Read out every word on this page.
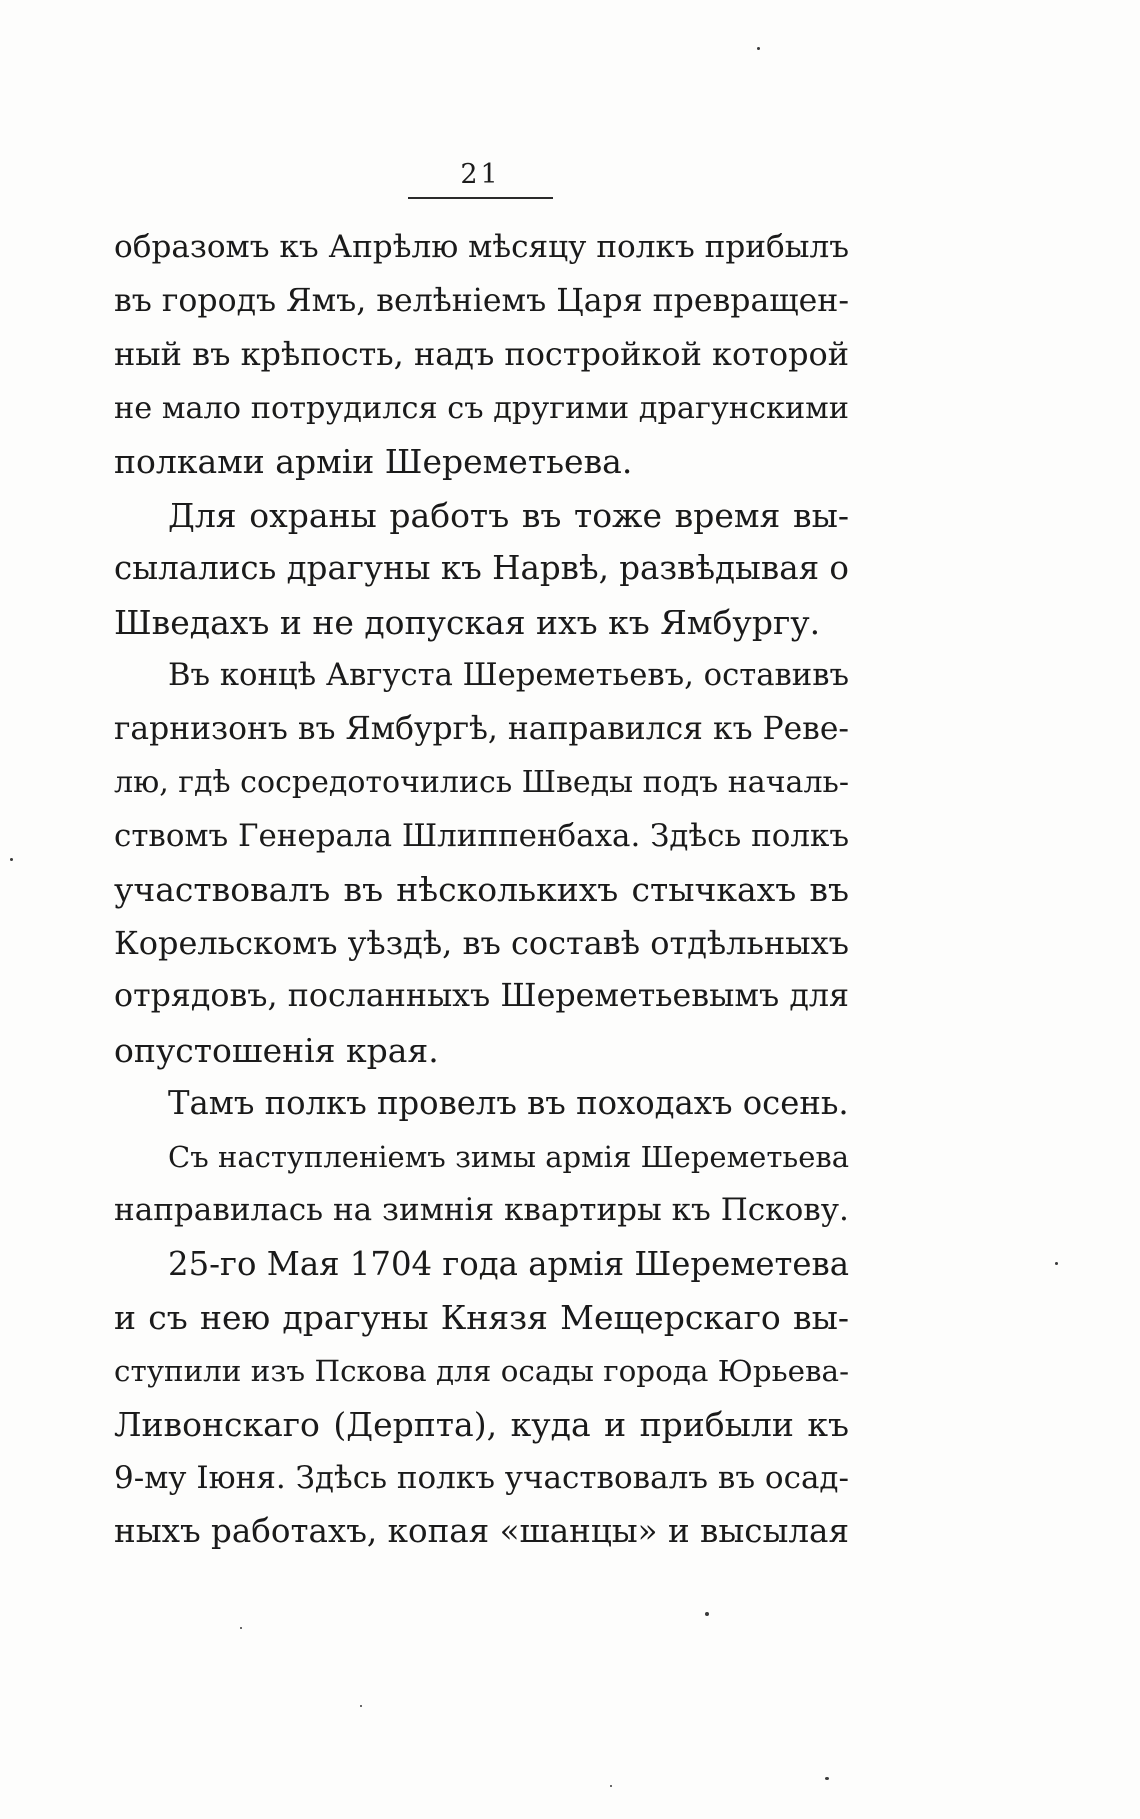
21
образомъ къ Апрѣлю мѣсяцу полкъ прибылъ
въ городъ Ямъ, велѣніемъ Царя превращен-
ный въ крѣпость, надъ постройкой которой
не мало потрудился съ другими драгунскими
полками арміи Шереметьева.
Для охраны работъ въ тоже время вы-
сылались драгуны къ Нарвѣ, развѣдывая о
Шведахъ и не допуская ихъ къ Ямбургу.
Въ концѣ Августа Шереметьевъ, оставивъ
гарнизонъ въ Ямбургѣ, направился къ Реве-
лю, гдѣ сосредоточились Шведы подъ началь-
ствомъ Генерала Шлиппенбаха. Здѣсь полкъ
участвовалъ въ нѣсколькихъ стычкахъ въ
Корельскомъ уѣздѣ, въ составѣ отдѣльныхъ
отрядовъ, посланныхъ Шереметьевымъ для
опустошенія края.
Тамъ полкъ провелъ въ походахъ осень.
Съ наступленіемъ зимы армія Шереметьева
направилась на зимнія квартиры къ Пскову.
25-го Мая 1704 года армія Шереметева
и съ нею драгуны Князя Мещерскаго вы-
ступили изъ Пскова для осады города Юрьева-
Ливонскаго (Дерпта), куда и прибыли къ
9-му Іюня. Здѣсь полкъ участвовалъ въ осад-
ныхъ работахъ, копая «шанцы» и высылая
